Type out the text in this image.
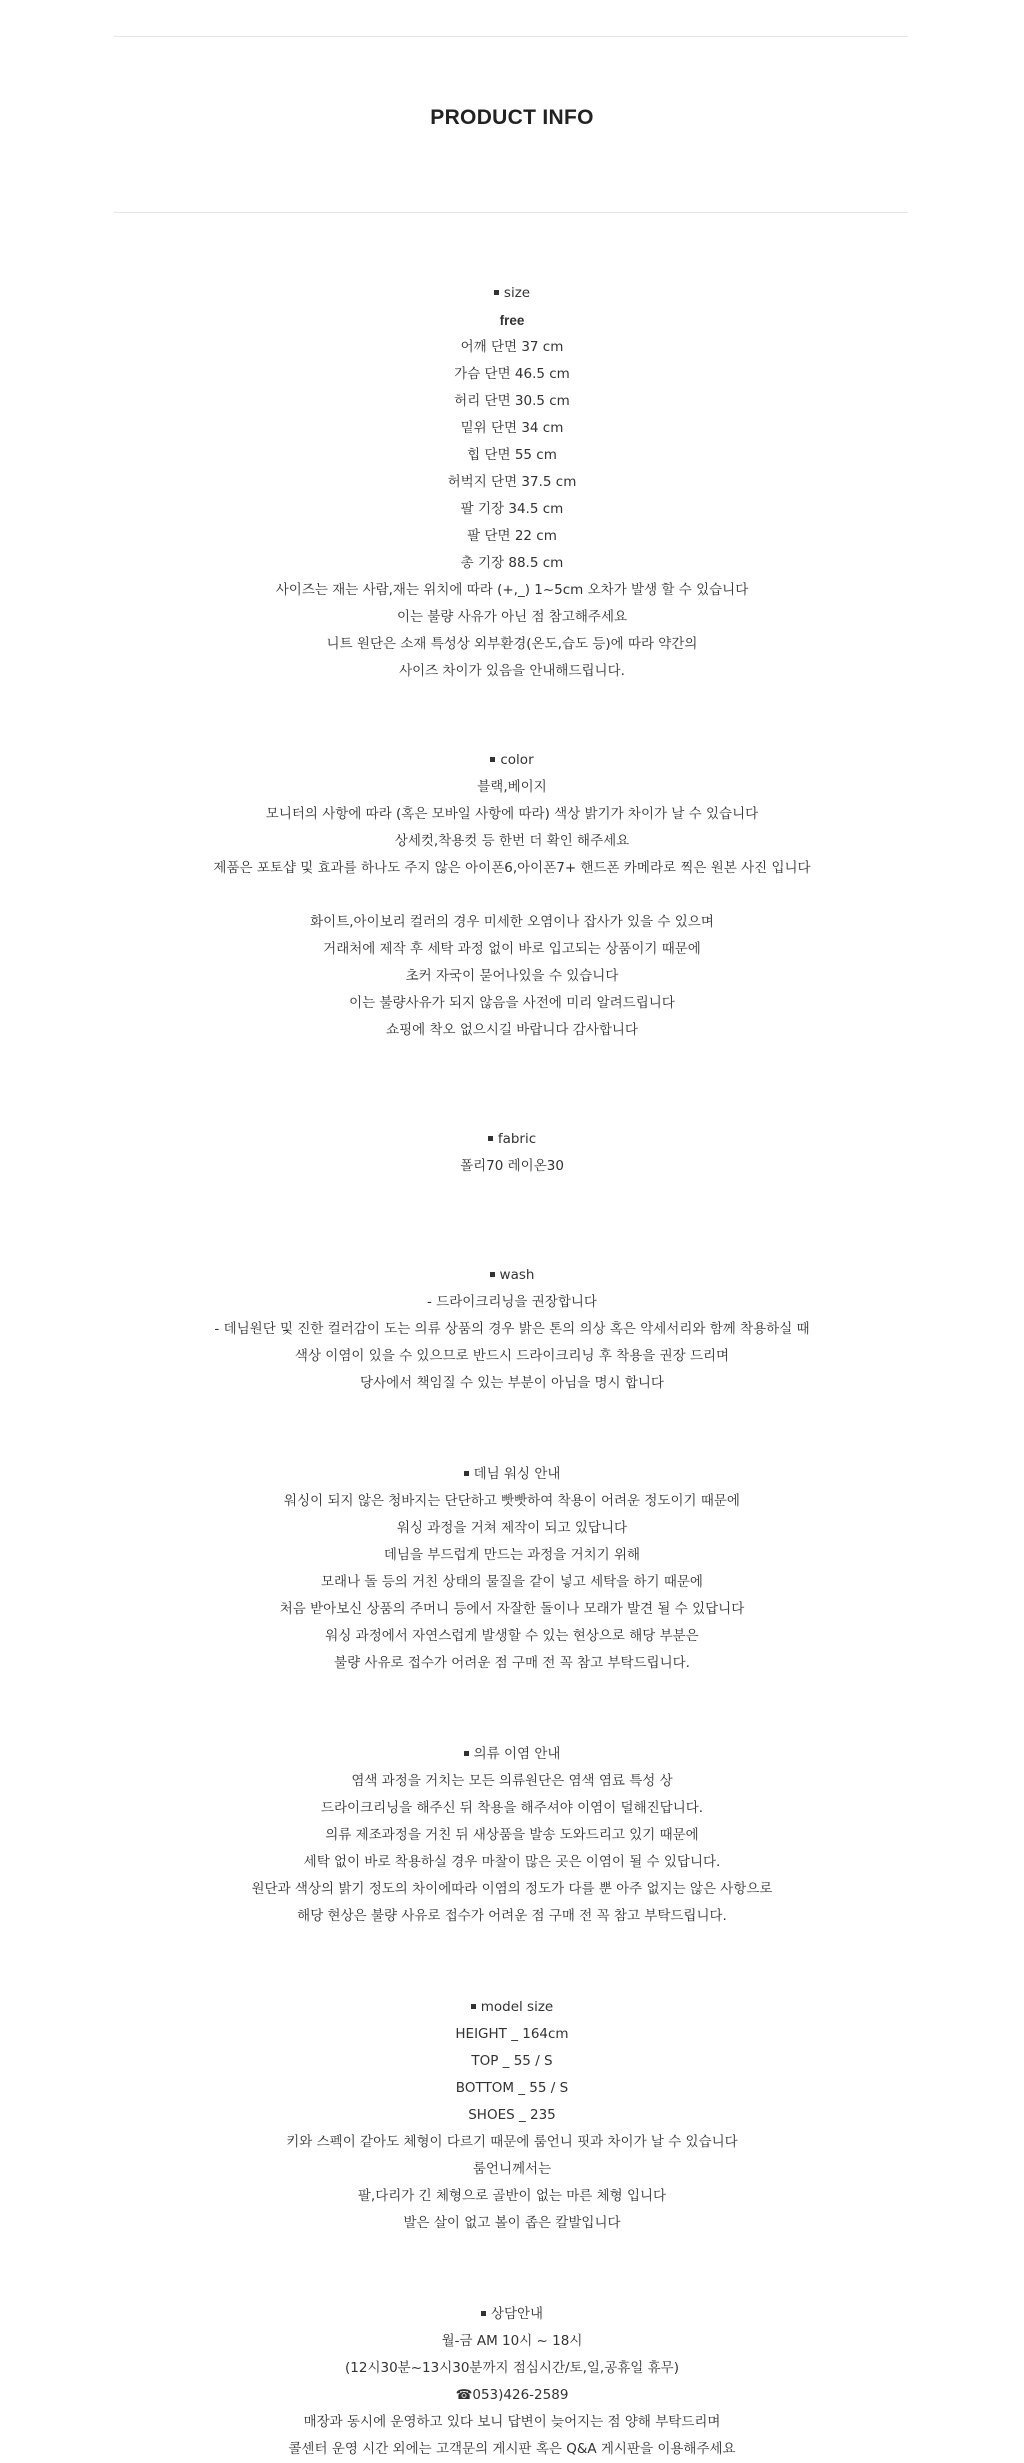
PRODUCT INFO
size
free
어깨 단면 37 cm
가슴 단면 46.5 cm
허리 단면 30.5 cm
밑위 단면 34 cm
힙 단면 55 cm
허벅지 단면 37.5 cm
팔 기장 34.5 cm
팔 단면 22 cm
총 기장 88.5 cm
사이즈는 재는 사람,재는 위치에 따라 (+,_) 1~5cm 오차가 발생 할 수 있습니다
이는 불량 사유가 아닌 점 참고해주세요
니트 원단은 소재 특성상 외부환경(온도,습도 등)에 따라 약간의
사이즈 차이가 있음을 안내해드립니다.
color
블랙,베이지
모니터의 사항에 따라 (혹은 모바일 사항에 따라) 색상 밝기가 차이가 날 수 있습니다
상세컷,착용컷 등 한번 더 확인 해주세요
제품은 포토샵 및 효과를 하나도 주지 않은 아이폰6,아이폰7+ 핸드폰 카메라로 찍은 원본 사진 입니다
화이트,아이보리 컬러의 경우 미세한 오염이나 잡사가 있을 수 있으며
거래처에 제작 후 세탁 과정 없이 바로 입고되는 상품이기 때문에
초커 자국이 묻어나있을 수 있습니다
이는 불량사유가 되지 않음을 사전에 미리 알려드립니다
쇼핑에 착오 없으시길 바랍니다 감사합니다
fabric
폴리70 레이온30
wash
- 드라이크리닝을 권장합니다
- 데님원단 및 진한 컬러감이 도는 의류 상품의 경우 밝은 톤의 의상 혹은 악세서리와 함께 착용하실 때
색상 이염이 있을 수 있으므로 반드시 드라이크리닝 후 착용을 권장 드리며
당사에서 책임질 수 있는 부분이 아님을 명시 합니다
데님 워싱 안내
워싱이 되지 않은 청바지는 단단하고 빳빳하여 착용이 어려운 정도이기 때문에
워싱 과정을 거쳐 제작이 되고 있답니다
데님을 부드럽게 만드는 과정을 거치기 위해
모래나 돌 등의 거친 상태의 물질을 같이 넣고 세탁을 하기 때문에
처음 받아보신 상품의 주머니 등에서 자잘한 돌이나 모래가 발견 될 수 있답니다
워싱 과정에서 자연스럽게 발생할 수 있는 현상으로 해당 부분은
불량 사유로 접수가 어려운 점 구매 전 꼭 참고 부탁드립니다.
의류 이염 안내
염색 과정을 거치는 모든 의류원단은 염색 염료 특성 상
드라이크리닝을 해주신 뒤 착용을 해주셔야 이염이 덜해진답니다.
의류 제조과정을 거친 뒤 새상품을 발송 도와드리고 있기 때문에
세탁 없이 바로 착용하실 경우 마찰이 많은 곳은 이염이 될 수 있답니다.
원단과 색상의 밝기 정도의 차이에따라 이염의 정도가 다를 뿐 아주 없지는 않은 사항으로
해당 현상은 불량 사유로 접수가 어려운 점 구매 전 꼭 참고 부탁드립니다.
model size
HEIGHT _ 164cm
TOP _ 55 / S
BOTTOM _ 55 / S
SHOES _ 235
키와 스펙이 같아도 체형이 다르기 때문에 룸언니 핏과 차이가 날 수 있습니다
룸언니께서는
팔,다리가 긴 체형으로 골반이 없는 마른 체형 입니다
발은 살이 없고 볼이 좁은 칼발입니다
상담안내
월-금 AM 10시 ~ 18시
(12시30분~13시30분까지 점심시간/토,일,공휴일 휴무)
☎053)426-2589
매장과 동시에 운영하고 있다 보니 답변이 늦어지는 점 양해 부탁드리며
콜센터 운영 시간 외에는 고객문의 게시판 혹은 Q&A 게시판을 이용해주세요
